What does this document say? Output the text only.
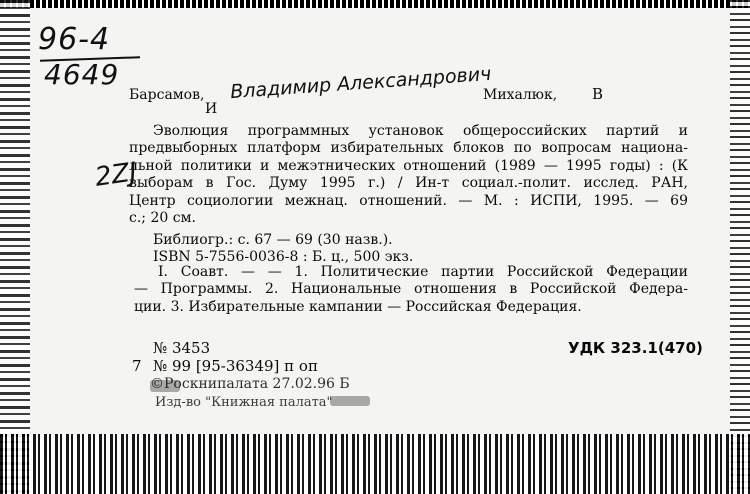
96-4
4649
Барсамов, Владимир Александрович
Михалюк, В
И
2ZJ
Эволюция программных установок общероссийских партий и
предвыборных платформ избирательных блоков по вопросам национа-
льной политики и межэтнических отношений (1989 — 1995 годы) : (К
выборам в Гос. Думу 1995 г.) / Ин-т социал.-полит. исслед. РАН,
Центр социологии межнац. отношений. — М. : ИСПИ, 1995. — 69
с.; 20 см.
Библиогр.: с. 67 — 69 (30 назв.).
ISBN 5-7556-0036-8 : Б. ц., 500 экз.
I. Соавт. — — 1. Политические партии Российской Федерации
— Программы. 2. Национальные отношения в Российской Федера-
ции. 3. Избирательные кампании — Российская Федерация.
№ 3453	УДК 323.1(470)
7 № 99 [95-36349] п оп
©Роскнипалата 27.02.96 Б
Изд-во "Книжная палата"
